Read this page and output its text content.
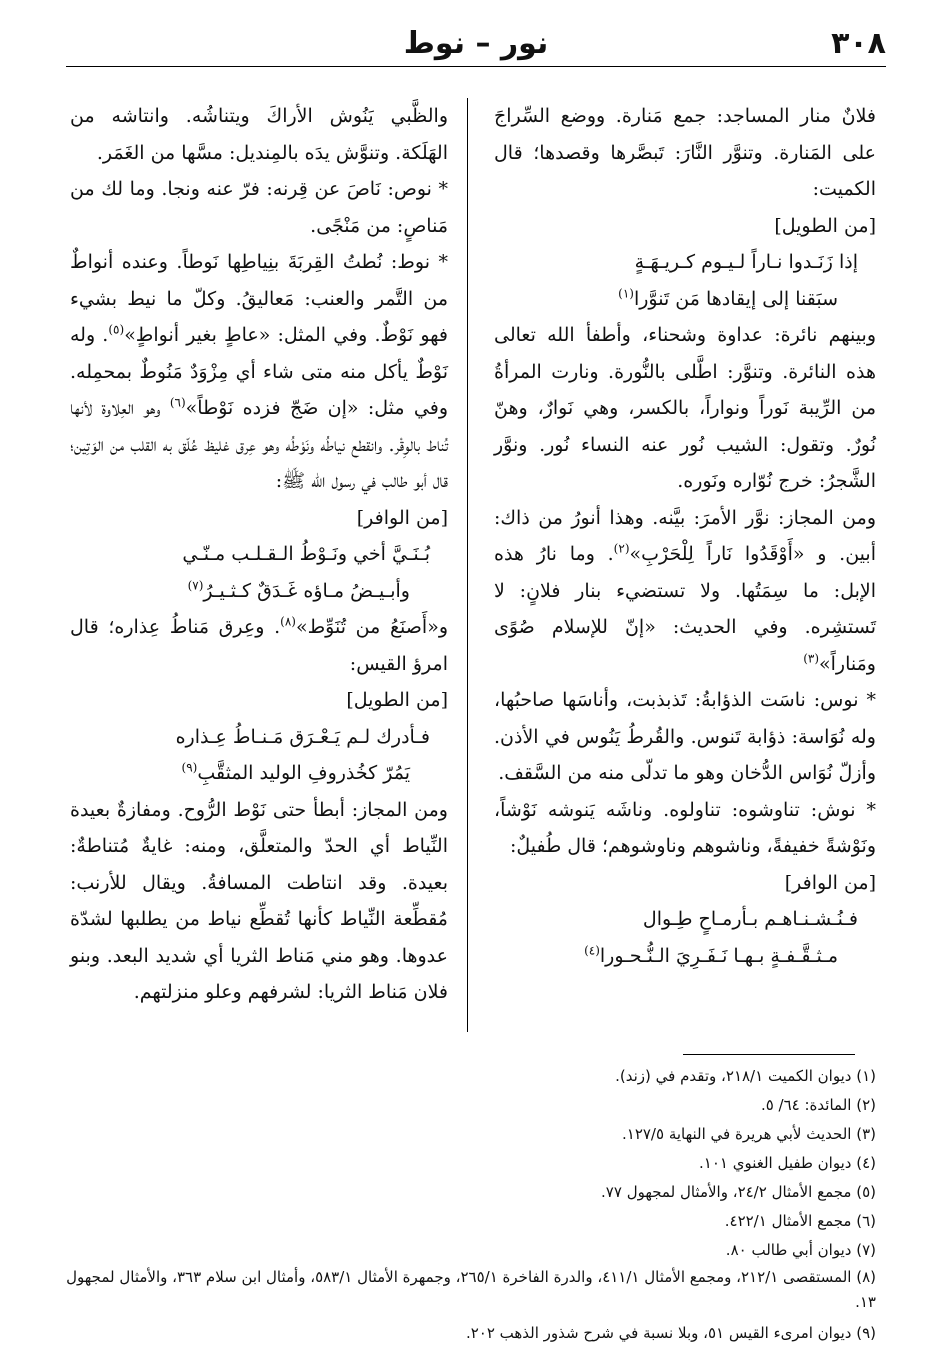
٣٠٨
نور – نوط

فلانٌ منار المساجد: جمع مَنارة. ووضع السِّراجَ على المَنارة. وتنوَّر النَّارَ: تَبصَّرها وقصدها؛ قال الكميت:
[من الطويل]

إذا زَنَـدوا نـاراً لـيـوم كـريـهَـةٍ
سبَقنا إلى إيقادها مَن تَنوَّرا$^{(١)}$

وبينهم نائرة: عداوة وشحناء، وأطفأ الله تعالى هذه النائرة. وتنوَّر: اطَّلى بالنُّورة. ونارت المرأةُ من الرِّيبة نَوراً ونواراً، بالكسر، وهي نَوارٌ، وهنّ نُورٌ. وتقول: الشيب نُور عنه النساء نُور. ونوَّر الشَّجرُ: خرج نُوّاره ونَوره.

ومن المجاز: نوَّر الأمرَ: بيَّنه. وهذا أنورُ من ذاك: أبين. و «أَوْقَدُوا نَاراً لِلْحَرْبِ»$^{(٢)}$. وما نارُ هذه الإبل: ما سِمَتُها. ولا تستضيء بنار فلانٍ: لا تَستشِره. وفي الحديث: «إنّ للإسلام صُوًى ومَناراً»$^{(٣)}$

* نوس: ناسَت الذؤابةُ: تَذبذبت، وأناسَها صاحبُها، وله نُوَاسة: ذؤابة تَنوس. والقُرطُ يَنُوس في الأذن. وأزلّ نُوَاس الدُّخان وهو ما تدلّى منه من السَّقف.

* نوش: تناوشوه: تناولوه. وناشَه يَنوشه نَوْشاً، ونَوْشةً خفيفةً، وناشوهم وناوشوهم؛ قال طُفيلٌ:
[من الوافر]

فـنُـشـنـاهـم بـأرمـاحٍ طِـوال
مـثـقَّـفـةٍ بـهـا نَـفَـرِيَ الـنُّـحـورا$^{(٤)}$

والظَّبي يَنُوش الأراكَ ويتناشُه. وانتاشه من الهَلَكة. وتنوَّش يدَه بالمِنديل: مسَّها من الغَمَر.

* نوص: نَاصَ عن قِرنه: فرّ عنه ونجا. وما لك من مَناصٍ: من مَنْجًى.

* نوط: نُطتُ القِربَةَ بنِياطِها نَوطاً. وعنده أنواطٌ من التَّمر والعنب: مَعاليقُ. وكلّ ما نيط بشيء فهو نَوْطٌ. وفي المثل: «عاطٍ بغير أنواطٍ»$^{(٥)}$. وله نَوْطٌ يأكل منه متى شاء أي مِزْوَدٌ مَنُوطٌ بمحمِله. وفي مثل: «إن ضَجّ فزده نَوْطاً»$^{(٦)}$ وهو العِلاوة لأنها تُناط بالوِقْر. وانقطع نياطُه ونَوْطُه وهو عِرق غليظ عُلّق به القلب من الوَتِين؛ قال أبو طالب في رسول الله ﷺ:
[من الوافر]

بُـنَـيَّ أخي ونَـوْطُ الـقـلـب مـنّـي
وأبـيـضُ مـاؤه غَـدَقٌ كـثـيـرُ$^{(٧)}$

و«أَصنَعُ من تُنَوِّط»$^{(٨)}$. وعِرق مَناطُ عِذاره؛ قال امرؤ القيس:
[من الطويل]

فـأدرك لـم يَـعْـرَق مَـنـاطُ عِـذاره
يَمُرّ كخُذروفِ الوليد المثقَّبِ$^{(٩)}$

ومن المجاز: أبطأ حتى نَوْط الرُّوح. ومفازةٌ بعيدة النِّياط أي الحدّ والمتعلَّق، ومنه: غايةٌ مُتناطةٌ: بعيدة. وقد انتاطت المسافةُ. ويقال للأرنب: مُقطِّعة النِّياط كأنها تُقطِّع نياط من يطلبها لشدّة عدوها. وهو مني مَناط الثريا أي شديد البعد. وبنو فلان مَناط الثريا: لشرفهم وعلو منزلتهم.

(١) ديوان الكميت ٢١٨/١، وتقدم في (زند).
(٢) المائدة: ٦٤/ ٥.
(٣) الحديث لأبي هريرة في النهاية ١٢٧/٥.
(٤) ديوان طفيل الغنوي ١٠١.
(٥) مجمع الأمثال ٢٤/٢، والأمثال لمجهول ٧٧.
(٦) مجمع الأمثال ٤٢٢/١.
(٧) ديوان أبي طالب ٨٠.
(٨) المستقصى ٢١٢/١، ومجمع الأمثال ٤١١/١، والدرة الفاخرة ٢٦٥/١، وجمهرة الأمثال ٥٨٣/١، وأمثال ابن سلام ٣٦٣، والأمثال لمجهول ١٣.
(٩) ديوان امرىء القيس ٥١، وبلا نسبة في شرح شذور الذهب ٢٠٢.
